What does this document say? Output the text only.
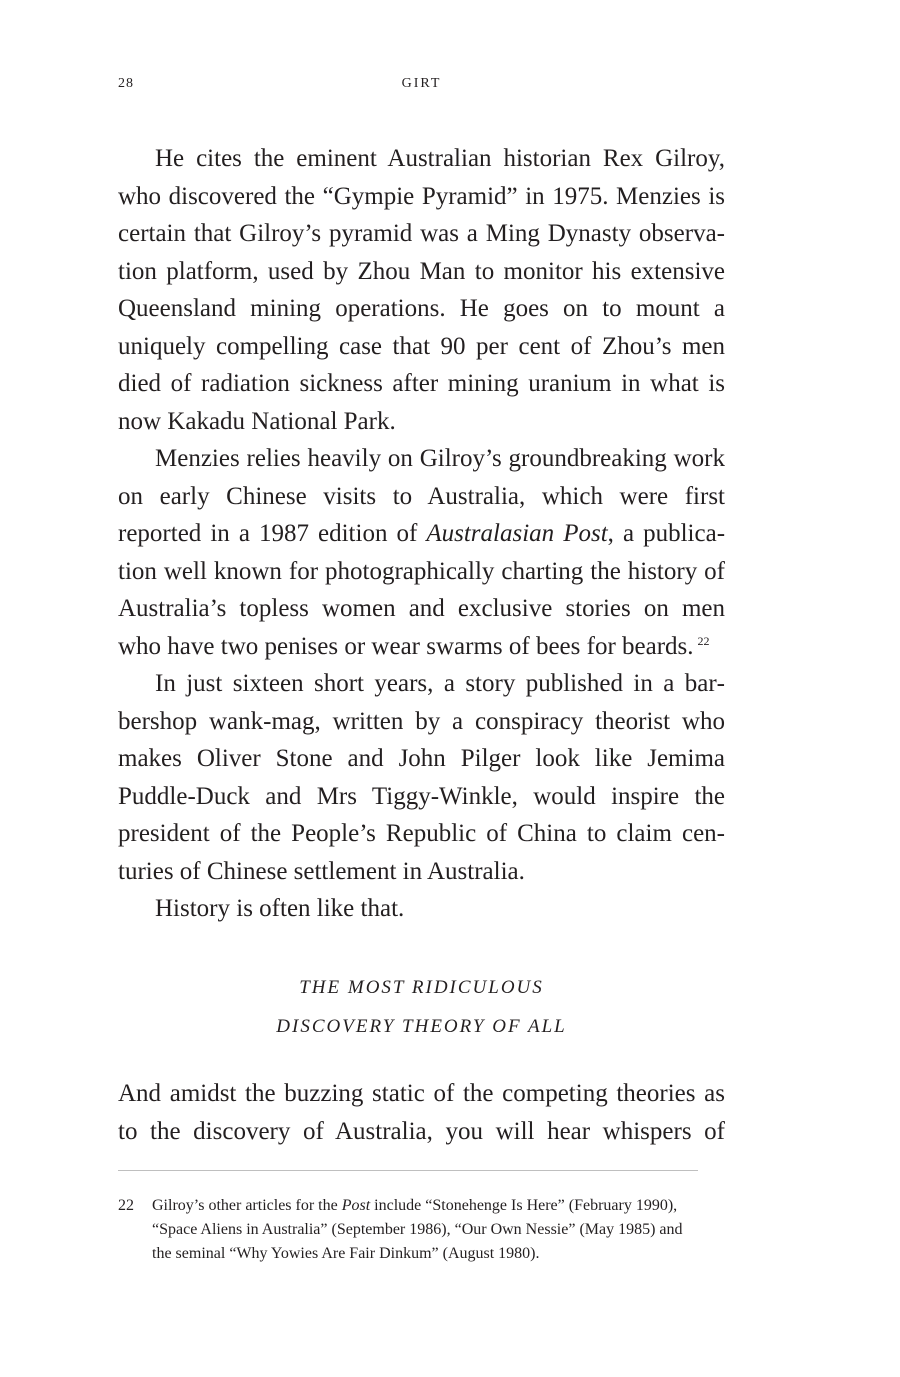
28	GIRT

He cites the eminent Australian historian Rex Gilroy, who discovered the “Gympie Pyramid” in 1975. Menzies is certain that Gilroy’s pyramid was a Ming Dynasty observation platform, used by Zhou Man to monitor his extensive Queensland mining operations. He goes on to mount a uniquely compelling case that 90 per cent of Zhou’s men died of radiation sickness after mining uranium in what is now Kakadu National Park.

Menzies relies heavily on Gilroy’s groundbreaking work on early Chinese visits to Australia, which were first reported in a 1987 edition of Australasian Post, a publication well known for photographically charting the history of Australia’s topless women and exclusive stories on men who have two penises or wear swarms of bees for beards. $^{22}$

In just sixteen short years, a story published in a barbershop wank-mag, written by a conspiracy theorist who makes Oliver Stone and John Pilger look like Jemima Puddle-Duck and Mrs Tiggy-Winkle, would inspire the president of the People’s Republic of China to claim centuries of Chinese settlement in Australia.

History is often like that.

THE MOST RIDICULOUS
DISCOVERY THEORY OF ALL

And amidst the buzzing static of the competing theories as to the discovery of Australia, you will hear whispers of

22 Gilroy’s other articles for the Post include “Stonehenge Is Here” (February 1990), “Space Aliens in Australia” (September 1986), “Our Own Nessie” (May 1985) and the seminal “Why Yowies Are Fair Dinkum” (August 1980).
